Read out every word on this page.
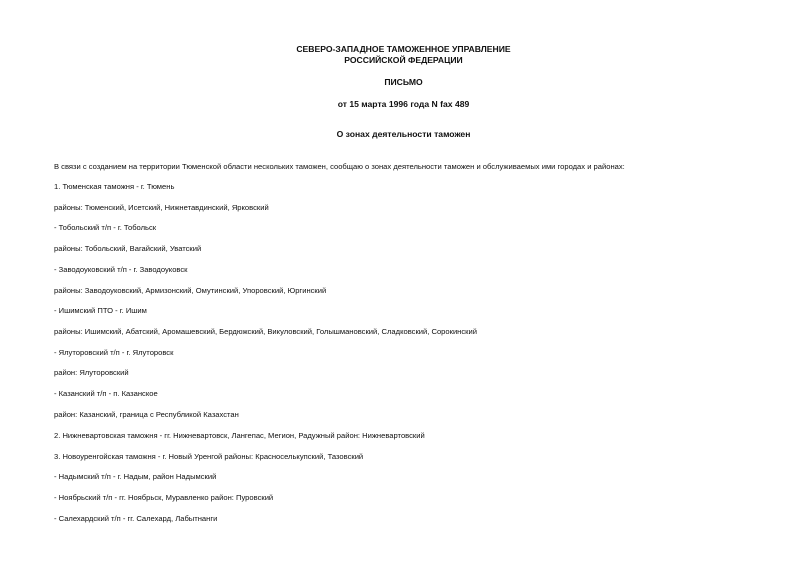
СЕВЕРО-ЗАПАДНОЕ ТАМОЖЕННОЕ УПРАВЛЕНИЕ
РОССИЙСКОЙ ФЕДЕРАЦИИ
ПИСЬМО
от 15 марта 1996 года N fax 489
О зонах деятельности таможен
В связи с созданием на территории Тюменской области нескольких таможен, сообщаю о зонах деятельности таможен и обслуживаемых ими городах и районах:
1. Тюменская таможня - г. Тюмень
районы: Тюменский, Исетский, Нижнетавдинский, Ярковский
- Тобольский т/п - г. Тобольск
районы: Тобольский, Вагайский, Уватский
- Заводоуковский т/п - г. Заводоуковск
районы: Заводоуковский, Армизонский, Омутинский, Упоровский, Юргинский
- Ишимский ПТО - г. Ишим
районы: Ишимский, Абатский, Аромашевский, Бердюжский, Викуловский, Голышмановский, Сладковский, Сорокинский
- Ялуторовский т/п - г. Ялуторовск
район: Ялуторовский
- Казанский т/п - п. Казанское
район: Казанский, граница с Республикой Казахстан
2. Нижневартовская таможня - гг. Нижневартовск, Лангепас, Мегион, Радужный район: Нижневартовский
3. Новоуренгойская таможня - г. Новый Уренгой районы: Красноселькупский, Тазовский
- Надымский т/п - г. Надым, район Надымский
- Ноябрьский т/п - гг. Ноябрьск, Муравленко район: Пуровский
- Салехардский т/п - гг. Салехард, Лабытнанги
